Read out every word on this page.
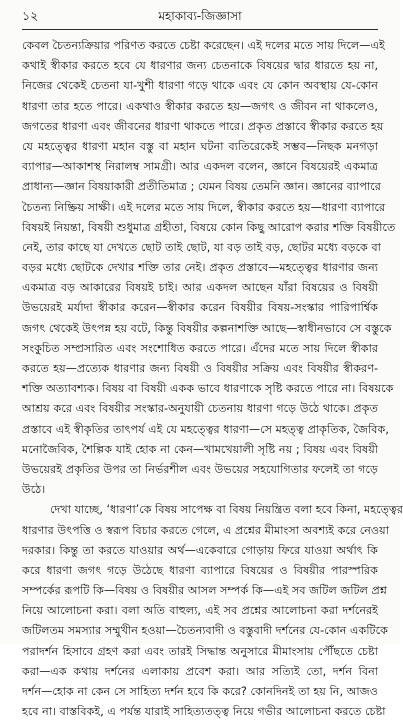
১২	মহাকাব্য-জিজ্ঞাসা
কেবল চৈতন্যক্রিয়ার পরিণত করতে চেষ্টা করেছেন। এই দলের মতে সায় দিলে—এই
কথাই স্বীকার করতে হবে যে ধারণার জন্য চেতনাকে বিষয়ের দ্বার ধারতে হয় না,
নিজের থেকেই চেতনা যা-খুশী ধারণা গড়ে থাকে এবং যে কোন অবস্থায় যে-কোন
ধারণা তার হতে পারে। একথাও স্বীকার করতে হয়—জগৎ ও জীবন না থাকলেও,
জগতের ধারণা এবং জীবনের ধারণা থাকতে পারে। প্রকৃত প্রস্তাবে স্বীকার করতে হয়
যে মহত্ত্বের ধারণা মহান বস্তু বা মহান ঘটনা ব্যতিরেকেই সম্ভব—নিছক মনগড়া
ব্যাপার—আকাশস্থ নিরালম্ব সামগ্রী। আর একদল বলেন, জ্ঞানে বিষয়েরই একমাত্র
প্রাধান্য—জ্ঞান বিষয়াকারী প্রতীতিমাত্র ; যেমন বিষয় তেমনি জ্ঞান। জ্ঞানের ব্যাপারে
চৈতন্য নিষ্ক্রিয় সাক্ষী। এই দলের মতে সায় দিলে, স্বীকার করতে হয়—ধারণা ব্যাপারে
বিষয়ই নিয়ন্তা, বিষয়ী শুধুমাত্র গ্রহীতা, বিষয়ে কোন কিছু আরোপ করার শক্তি বিষয়ীতে
নেই, তার কাছে যা দেখতে ছোট তাই ছোট, যা বড় তাই বড়, ছোটর মধ্যে বড়কে বা
বড়র মধ্যে ছোটকে দেখার শক্তি তার নেই। প্রকৃত প্রস্তাবে—মহত্ত্বের ধারণার জন্য
একমাত্র বড় আকারের বিষয়ই চাই। আর একদল আছেন যাঁরা বিষয়ের ও বিষয়ী
উভয়েরই মর্যাদা স্বীকার করেন—স্বীকার করেন বিষয়ীর বিষয়-সংস্কার পারিপার্শ্বিক
জগৎ থেকেই উৎপন্ন হয় বটে, কিন্তু বিষয়ীর কল্পনাশক্তি আছে—স্বাধীনভাবে সে বস্তুকে
সংকুচিত সম্প্রসারিত এবং সংশোধিত করতে পারে। এঁদের মতে সায় দিলে স্বীকার
করতে হয়—প্রত্যেক ধারণার জন্য বিষয়ী ও বিষয়ীর সক্রিয় এবং বিষয়ীর স্বীকরণ-
শক্তি অত্যাবশ্যক। বিষয় বা বিষয়ী একক ভাবে ধারণাকে সৃষ্টি করতে পারে না। বিষয়কে
আশ্রয় করে এবং বিষয়ীর সংস্কার-অনুযায়ী চেতনায় ধারণা গড়ে উঠে থাকে। প্রকৃত
প্রস্তাবে এই স্বীকৃতির তাৎপর্য এই যে মহত্ত্বের ধারণা—সে মহত্ত্ব প্রাকৃতিক, জৈবিক,
মনোজৈবিক, শৈল্পিক যাই হোক না কেন—খামখেয়ালী সৃষ্টি নয় ; বিষয় এবং বিষয়ী
উভয়েরই প্রকৃতির উপর তা নির্ভরশীল এবং উভয়ের সহযোগিতার ফলেই তা গড়ে
উঠে।
দেখা যাচ্ছে, ‘ধারণা’কে বিষয় সাপেক্ষ বা বিষয় নিয়ন্ত্রিত বলা হবে কিনা, মহত্ত্বের
ধারণার উৎপত্তি ও স্বরূপ বিচার করতে গেলে, এ প্রশ্নের মীমাংসা অবশ্যই করে নেওয়া
দরকার। কিন্তু তা করতে যাওয়ার অর্থ—একেবারে গোড়ায় ফিরে যাওয়া অর্থাৎ কি
করে ধারণা জগৎ গড়ে উঠেছে ধারণা ব্যাপারে বিষয়ের ও বিষয়ীর পারস্পরিক
সম্পর্কের রূপটি কি—বিষয় ও বিষয়ীর আসল সম্পর্ক কি—এই সব জটিল জটিল প্রশ্ন
নিয়ে আলোচনা করা। বলা অতি বাহুল্য, এই সব প্রশ্নের আলোচনা করা দর্শনেরই
জটিলতম সমস্যার সম্মুখীন হওয়া—চৈতন্যবাদী ও বস্তুবাদী দর্শনের যে-কোন একটিকে
পরাদর্শন হিসাবে গ্রহণ করা এবং তারই সিদ্ধান্ত অনুসারে মীমাংসায় পৌঁছতে চেষ্টা
করা—এক কথায় দর্শনের এলাকায় প্রবেশ করা। আর সত্যিই তো, দর্শন বিনা
দর্শন—হোক না কেন সে সাহিত্য দর্শন হবে কি করে? কোনদিনই তা হয় নি, আজও
হবে না। বাস্তবিকই, এ পর্যন্ত যারাই সাহিত্যতত্ত্ব নিয়ে গভীর আলোচনা করতে চেষ্টা
